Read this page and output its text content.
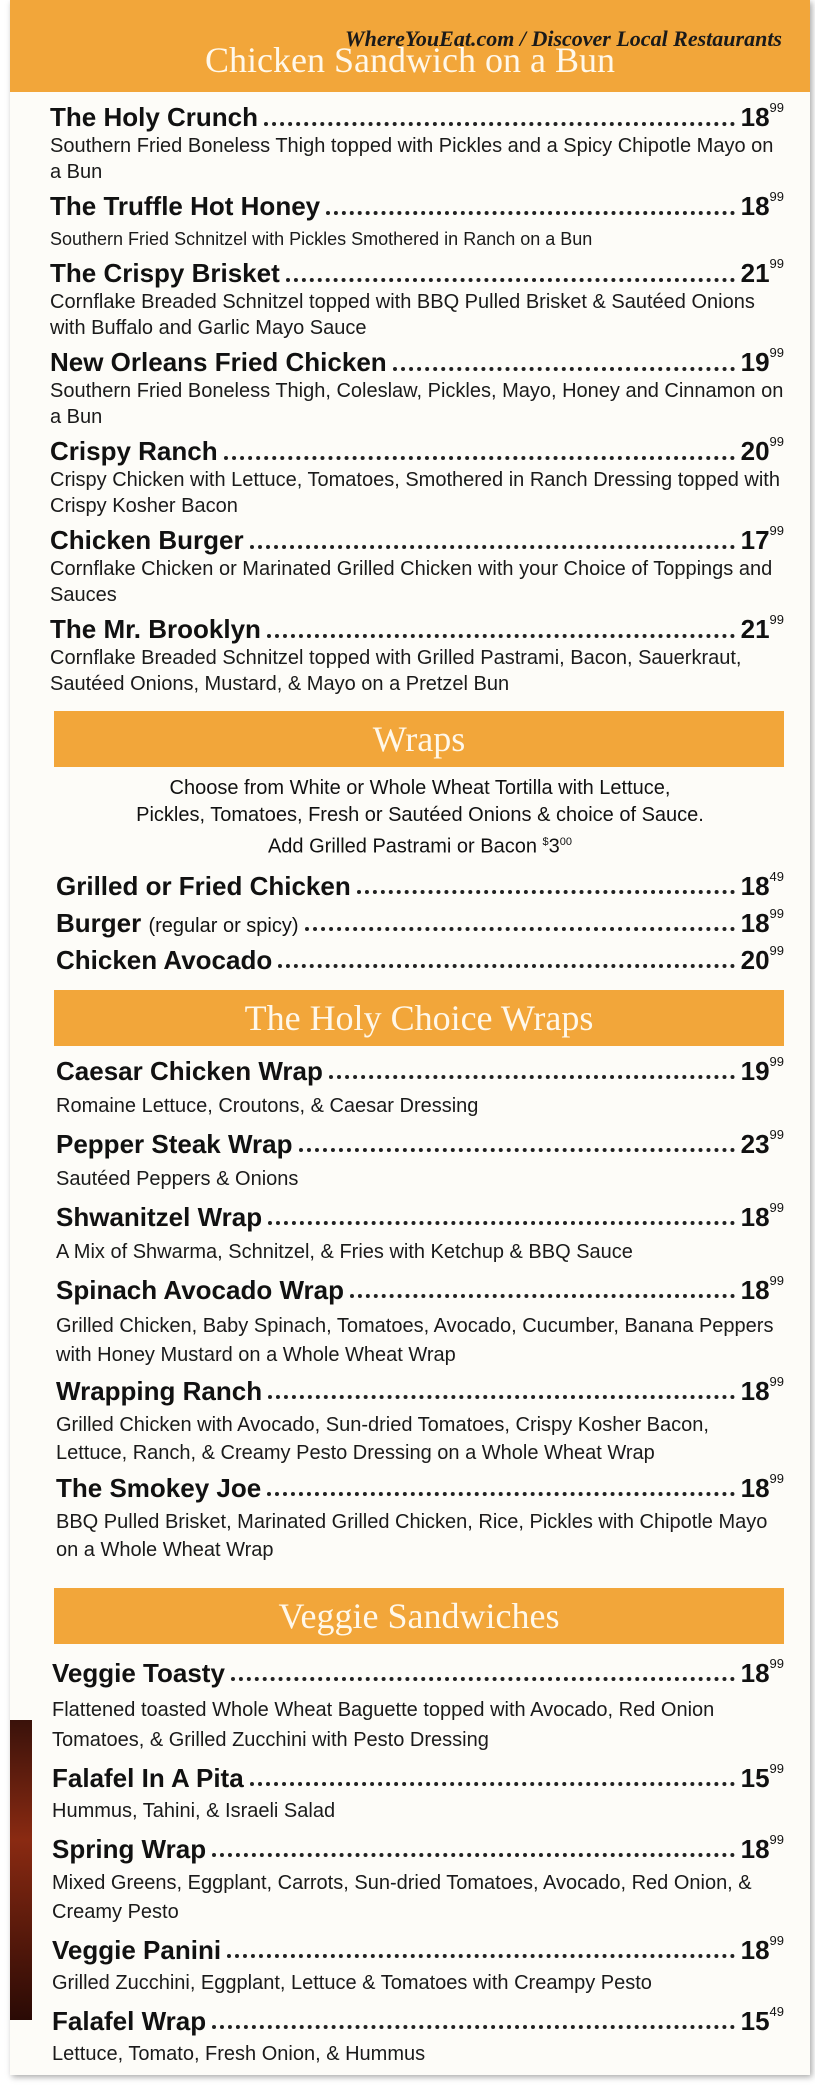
WhereYouEat.com / Discover Local Restaurants
Chicken Sandwich on a Bun
The Holy Crunch	$18^{99}$
Southern Fried Boneless Thigh topped with Pickles and a Spicy Chipotle Mayo on a Bun
The Truffle Hot Honey	$18^{99}$
Southern Fried Schnitzel with Pickles Smothered in Ranch on a Bun
The Crispy Brisket	$21^{99}$
Cornflake Breaded Schnitzel topped with BBQ Pulled Brisket & Sautéed Onions with Buffalo and Garlic Mayo Sauce
New Orleans Fried Chicken	$19^{99}$
Southern Fried Boneless Thigh, Coleslaw, Pickles, Mayo, Honey and Cinnamon on a Bun
Crispy Ranch	$20^{99}$
Crispy Chicken with Lettuce, Tomatoes, Smothered in Ranch Dressing topped with Crispy Kosher Bacon
Chicken Burger	$17^{99}$
Cornflake Chicken or Marinated Grilled Chicken with your Choice of Toppings and Sauces
The Mr. Brooklyn	$21^{99}$
Cornflake Breaded Schnitzel topped with Grilled Pastrami, Bacon, Sauerkraut, Sautéed Onions, Mustard, & Mayo on a Pretzel Bun
Wraps
Choose from White or Whole Wheat Tortilla with Lettuce,
Pickles, Tomatoes, Fresh or Sautéed Onions & choice of Sauce.
Add Grilled Pastrami or Bacon $^{\$}3^{00}$
Grilled or Fried Chicken	$18^{49}$
Burger (regular or spicy)	$18^{99}$
Chicken Avocado	$20^{99}$
The Holy Choice Wraps
Caesar Chicken Wrap	$19^{99}$
Romaine Lettuce, Croutons, & Caesar Dressing
Pepper Steak Wrap	$23^{99}$
Sautéed Peppers & Onions
Shwanitzel Wrap	$18^{99}$
A Mix of Shwarma, Schnitzel, & Fries with Ketchup & BBQ Sauce
Spinach Avocado Wrap	$18^{99}$
Grilled Chicken, Baby Spinach, Tomatoes, Avocado, Cucumber, Banana Peppers with Honey Mustard on a Whole Wheat Wrap
Wrapping Ranch	$18^{99}$
Grilled Chicken with Avocado, Sun-dried Tomatoes, Crispy Kosher Bacon, Lettuce, Ranch, & Creamy Pesto Dressing on a Whole Wheat Wrap
The Smokey Joe	$18^{99}$
BBQ Pulled Brisket, Marinated Grilled Chicken, Rice, Pickles with Chipotle Mayo on a Whole Wheat Wrap
Veggie Sandwiches
Veggie Toasty	$18^{99}$
Flattened toasted Whole Wheat Baguette topped with Avocado, Red Onion Tomatoes, & Grilled Zucchini with Pesto Dressing
Falafel In A Pita	$15^{99}$
Hummus, Tahini, & Israeli Salad
Spring Wrap	$18^{99}$
Mixed Greens, Eggplant, Carrots, Sun-dried Tomatoes, Avocado, Red Onion, & Creamy Pesto
Veggie Panini	$18^{99}$
Grilled Zucchini, Eggplant, Lettuce & Tomatoes with Creampy Pesto
Falafel Wrap	$15^{49}$
Lettuce, Tomato, Fresh Onion, & Hummus
